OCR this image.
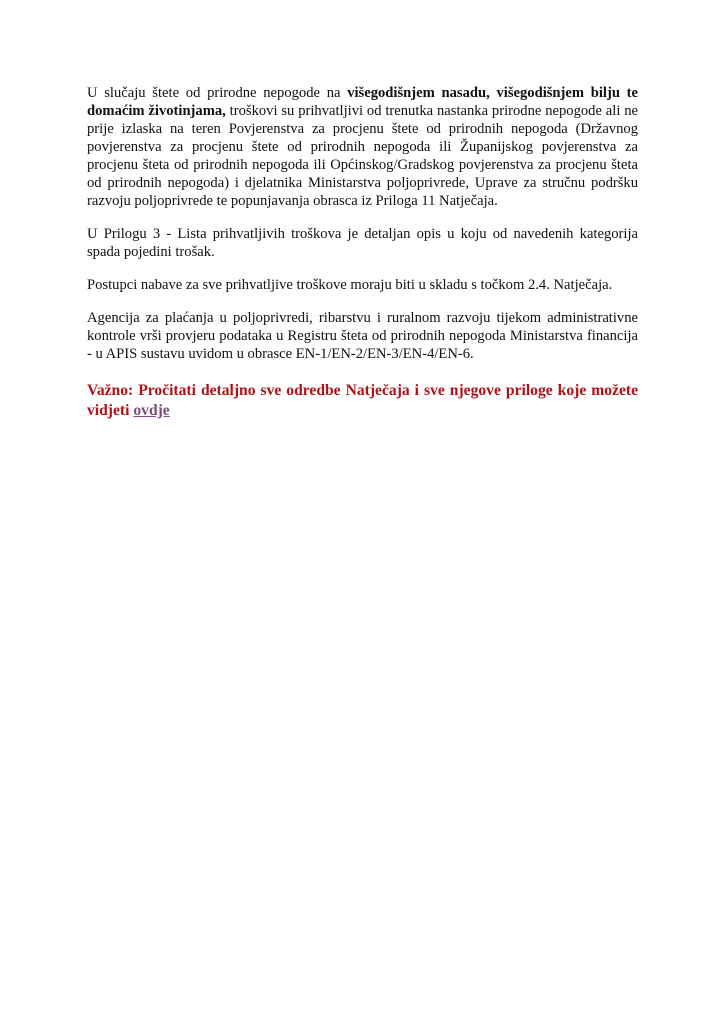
U slučaju štete od prirodne nepogode na višegodišnjem nasadu, višegodišnjem bilju te domaćim životinjama, troškovi su prihvatljivi od trenutka nastanka prirodne nepogode ali ne prije izlaska na teren Povjerenstva za procjenu štete od prirodnih nepogoda (Državnog povjerenstva za procjenu štete od prirodnih nepogoda ili Županijskog povjerenstva za procjenu šteta od prirodnih nepogoda ili Općinskog/Gradskog povjerenstva za procjenu šteta od prirodnih nepogoda) i djelatnika Ministarstva poljoprivrede, Uprave za stručnu podršku razvoju poljoprivrede te popunjavanja obrasca iz Priloga 11 Natječaja.

U Prilogu 3 - Lista prihvatljivih troškova je detaljan opis u koju od navedenih kategorija spada pojedini trošak.

Postupci nabave za sve prihvatljive troškove moraju biti u skladu s točkom 2.4. Natječaja.

Agencija za plaćanja u poljoprivredi, ribarstvu i ruralnom razvoju tijekom administrativne kontrole vrši provjeru podataka u Registru šteta od prirodnih nepogoda Ministarstva financija - u APIS sustavu uvidom u obrasce EN-1/EN-2/EN-3/EN-4/EN-6.

Važno: Pročitati detaljno sve odredbe Natječaja i sve njegove priloge koje možete vidjeti ovdje
